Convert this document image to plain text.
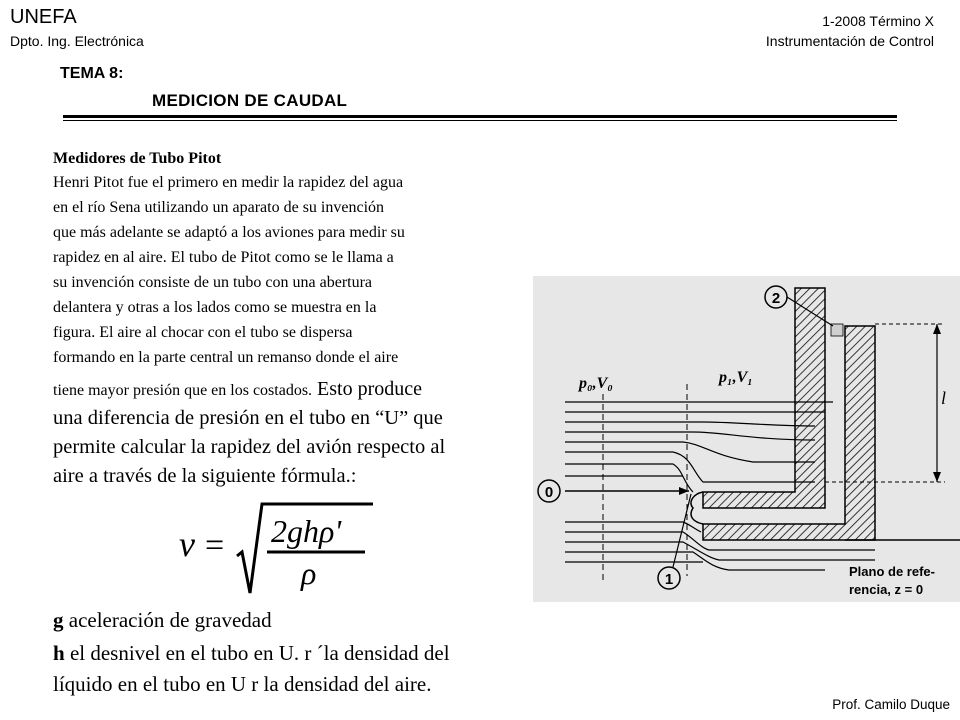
UNEFA
Dpto. Ing. Electrónica
1-2008 Término X
Instrumentación de Control
TEMA 8:
MEDICION DE CAUDAL
Medidores de Tubo Pitot
Henri Pitot fue el primero en medir la rapidez del agua
en el río Sena utilizando un aparato de su invención
que más adelante se adaptó a los aviones para medir su
rapidez en al aire. El tubo de Pitot como se le llama a
su invención consiste de un tubo con una abertura
delantera y otras a los lados como se muestra en la
figura. El aire al chocar con el tubo se dispersa
formando en la parte central un remanso donde el aire
tiene mayor presión que en los costados. Esto produce
una diferencia de presión en el tubo en “U” que
permite calcular la rapidez del avión respecto al
aire a través de la siguiente fórmula.:
v = 2ghρ'
ρ
l
2
0
1
p₀,V₀	p₁,V₁
Plano de refe-
rencia, z = 0
g aceleración de gravedad
h el desnivel en el tubo en U. r ´la densidad del
líquido en el tubo en U r la densidad del aire.
Prof. Camilo Duque
